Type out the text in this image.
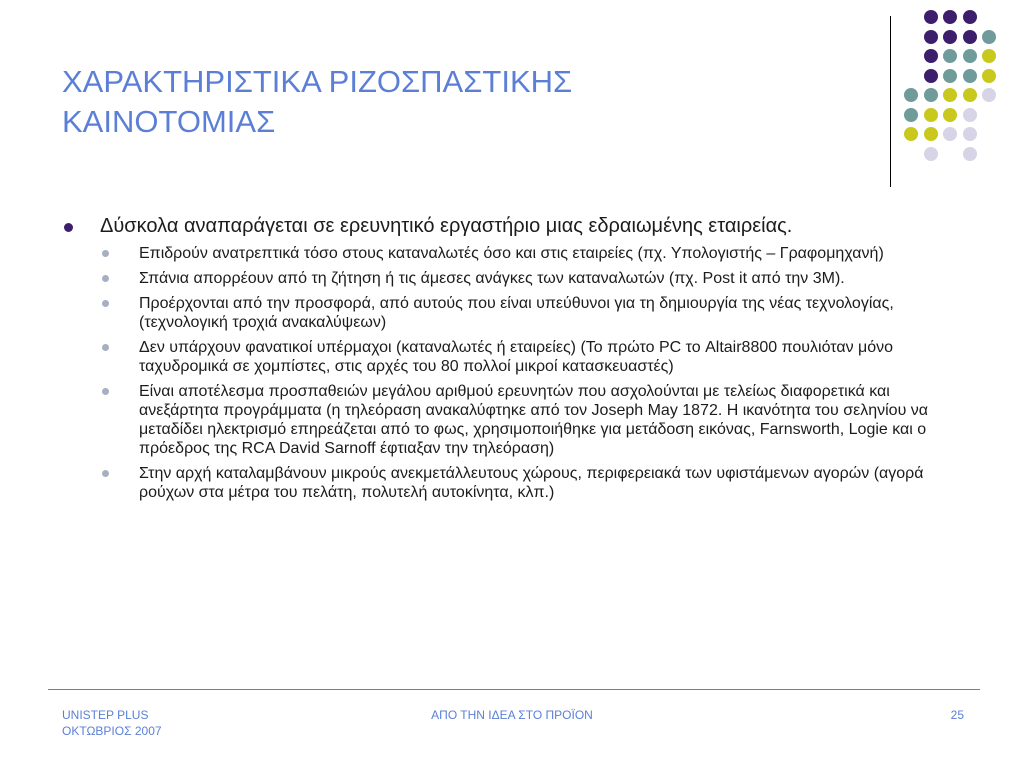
ΧΑΡΑΚΤΗΡΙΣΤΙΚΑ ΡΙΖΟΣΠΑΣΤΙΚΗΣ
ΚΑΙΝΟΤΟΜΙΑΣ
Δύσκολα αναπαράγεται σε ερευνητικό εργαστήριο μιας εδραιωμένης εταιρείας.
Επιδρούν ανατρεπτικά τόσο στους καταναλωτές όσο και στις εταιρείες (πχ. Υπολογιστής – Γραφομηχανή)
Σπάνια απορρέουν από τη ζήτηση ή τις άμεσες ανάγκες των καταναλωτών (πχ. Post it από την 3M).
Προέρχονται από την προσφορά, από αυτούς που είναι υπεύθυνοι για τη δημιουργία της νέας τεχνολογίας, (τεχνολογική τροχιά ανακαλύψεων)
Δεν υπάρχουν φανατικοί υπέρμαχοι (καταναλωτές ή εταιρείες) (Το πρώτο PC το Altair8800 πουλιόταν μόνο ταχυδρομικά σε χομπίστες, στις αρχές του 80 πολλοί μικροί κατασκευαστές)
Είναι αποτέλεσμα προσπαθειών μεγάλου αριθμού ερευνητών που ασχολούνται με τελείως διαφορετικά και ανεξάρτητα προγράμματα (η τηλεόραση ανακαλύφτηκε από τον Joseph May 1872. Η ικανότητα του σεληνίου να μεταδίδει ηλεκτρισμό επηρεάζεται από το φως, χρησιμοποιήθηκε για μετάδοση εικόνας, Farnsworth, Logie και ο πρόεδρος της RCA David Sarnoff έφτιαξαν την τηλεόραση)
Στην αρχή καταλαμβάνουν μικρούς ανεκμετάλλευτους χώρους, περιφερειακά των υφιστάμενων αγορών (αγορά ρούχων στα μέτρα του πελάτη, πολυτελή αυτοκίνητα, κλπ.)
UNISTEP PLUS
ΟΚΤΩΒΡΙΟΣ 2007
ΑΠΟ ΤΗΝ ΙΔΕΑ ΣΤΟ ΠΡΟΪΟΝ	25
